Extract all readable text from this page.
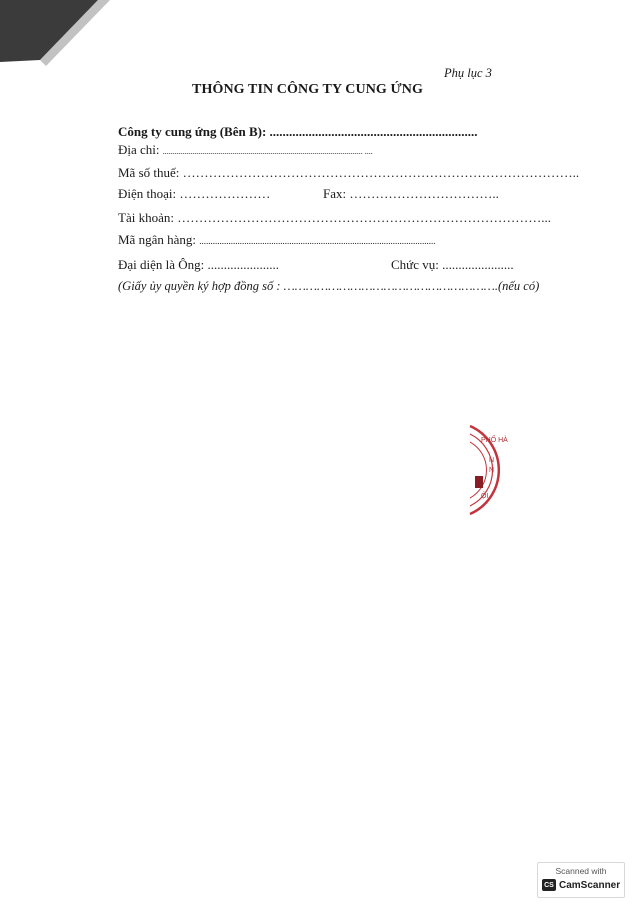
Phụ lục 3
THÔNG TIN CÔNG TY CUNG ỨNG
Công ty cung ứng (Bên B): ................................................................
Địa chỉ: .................................................................................................... ....
Mã số thuế: ………………………………………………………………………………..
Điện thoại: …………………	Fax: ……………………………..
Tài khoản: …………………………………………………………………………...
Mã ngân hàng: .........................................................................................................
Đại diện là Ông: ......................	Chức vụ: ......................
(Giấy ủy quyền ký hợp đồng số : ………………………………………………….(nếu có)
PHỐ HÀ
N
N
ỘI
Scanned with
CS CamScanner
